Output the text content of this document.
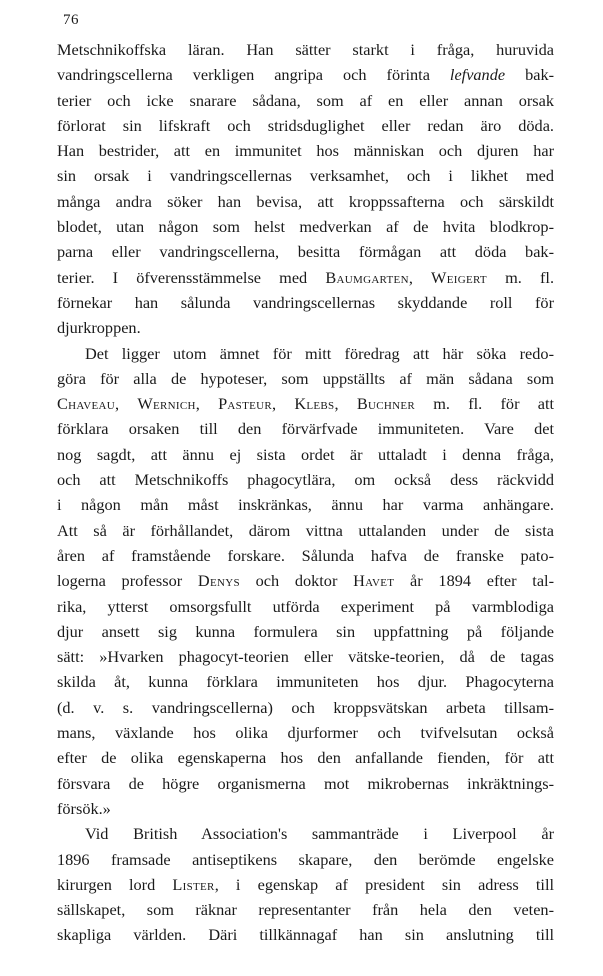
76
Metschnikoffska läran. Han sätter starkt i fråga, huruvida
vandringscellerna verkligen angripa och förinta lefvande bak-
terier och icke snarare sådana, som af en eller annan orsak
förlorat sin lifskraft och stridsduglighet eller redan äro döda.
Han bestrider, att en immunitet hos människan och djuren har
sin orsak i vandringscellernas verksamhet, och i likhet med
många andra söker han bevisa, att kroppssafterna och särskildt
blodet, utan någon som helst medverkan af de hvita blodkrop-
parna eller vandringscellerna, besitta förmågan att döda bak-
terier. I öfverensstämmelse med Baumgarten, Weigert m. fl.
förnekar han sålunda vandringscellernas skyddande roll för
djurkroppen.
Det ligger utom ämnet för mitt föredrag att här söka redo-
göra för alla de hypoteser, som uppställts af män sådana som
Chaveau, Wernich, Pasteur, Klebs, Buchner m. fl. för att
förklara orsaken till den förvärfvade immuniteten. Vare det
nog sagdt, att ännu ej sista ordet är uttaladt i denna fråga,
och att Metschnikoffs phagocytlära, om också dess räckvidd
i någon mån måst inskränkas, ännu har varma anhängare.
Att så är förhållandet, därom vittna uttalanden under de sista
åren af framstående forskare. Sålunda hafva de franske pato-
logerna professor Denys och doktor Havet år 1894 efter tal-
rika, ytterst omsorgsfullt utförda experiment på varmblodiga
djur ansett sig kunna formulera sin uppfattning på följande
sätt: »Hvarken phagocyt-teorien eller vätske-teorien, då de tagas
skilda åt, kunna förklara immuniteten hos djur. Phagocyterna
(d. v. s. vandringscellerna) och kroppsvätskan arbeta tillsam-
mans, växlande hos olika djurformer och tvifvelsutan också
efter de olika egenskaperna hos den anfallande fienden, för att
försvara de högre organismerna mot mikrobernas inkräktnings-
försök.»
Vid British Association's sammanträde i Liverpool år
1896 framsade antiseptikens skapare, den berömde engelske
kirurgen lord Lister, i egenskap af president sin adress till
sällskapet, som räknar representanter från hela den veten-
skapliga världen. Däri tillkännagaf han sin anslutning till
